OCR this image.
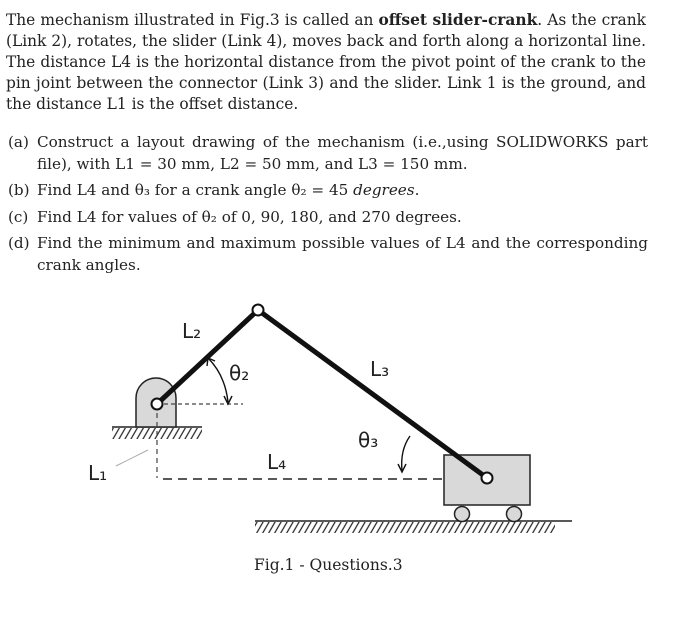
The mechanism illustrated in Fig.3 is called an offset slider-crank. As the crank (Link 2), rotates, the slider (Link 4), moves back and forth along a horizontal line. The distance L4 is the horizontal distance from the pivot point of the crank to the pin joint between the connector (Link 3) and the slider. Link 1 is the ground, and the distance L1 is the offset distance.
(a) Construct a layout drawing of the mechanism (i.e.,using SOLIDWORKS part file), with L1 = 30 mm, L2 = 50 mm, and L3 = 150 mm.
(b) Find L4 and θ₃ for a crank angle θ₂ = 45 degrees.
(c) Find L4 for values of θ₂ of 0, 90, 180, and 270 degrees.
(d) Find the minimum and maximum possible values of L4 and the corresponding crank angles.
L₂
θ₂	L₃
θ₃
L₄
L₁
Fig.1 - Questions.3
